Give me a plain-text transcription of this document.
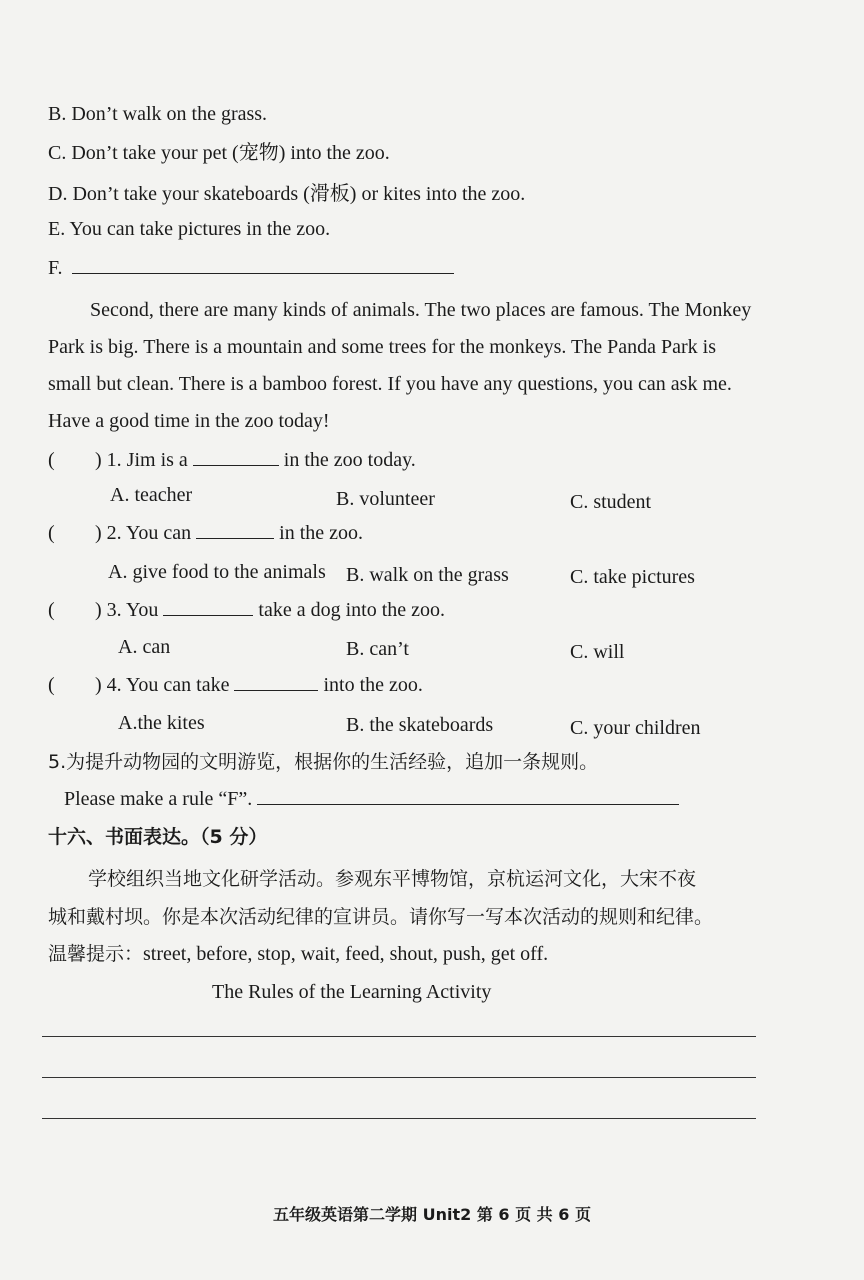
B. Don’t walk on the grass.
C. Don’t take your pet (宠物) into the zoo.
D. Don’t take your skateboards (滑板) or kites into the zoo.
E. You can take pictures in the zoo.
F.
Second, there are many kinds of animals. The two places are famous. The Monkey Park is big. There is a mountain and some trees for the monkeys. The Panda Park is small but clean. There is a bamboo forest. If you have any questions, you can ask me. Have a good time in the zoo today!
( ) 1. Jim is a	in the zoo today.
A. teacher	B. volunteer	C. student
( ) 2. You can	in the zoo.
A. give food to the animals B. walk on the grass	C. take pictures
( ) 3. You	take a dog into the zoo.
A. can	B. can’t	C. will
( ) 4. You can take	into the zoo.
A.the kites	B. the skateboards	C. your children
5.为提升动物园的文明游览，根据你的生活经验，追加一条规则。
Please make a rule “F”.
十六、书面表达。（5 分）
学校组织当地文化研学活动。参观东平博物馆，京杭运河文化，大宋不夜
城和戴村坝。你是本次活动纪律的宣讲员。请你写一写本次活动的规则和纪律。
温馨提示：street, before, stop, wait, feed, shout, push, get off.
The Rules of the Learning Activity
五年级英语第二学期 Unit2 第 6 页 共 6 页
